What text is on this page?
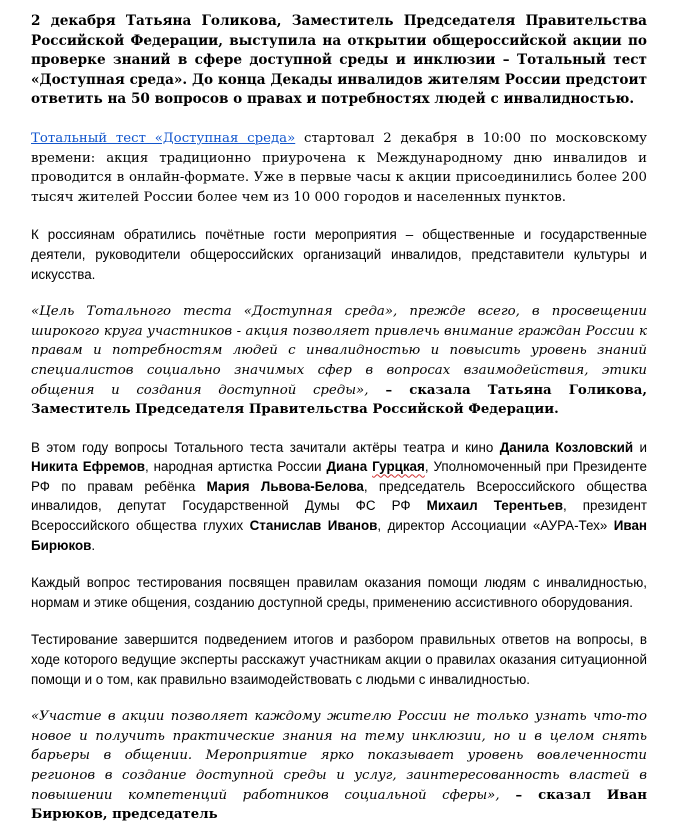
2 декабря Татьяна Голикова, Заместитель Председателя Правительства Российской Федерации, выступила на открытии общероссийской акции по проверке знаний в сфере доступной среды и инклюзии – Тотальный тест «Доступная среда». До конца Декады инвалидов жителям России предстоит ответить на 50 вопросов о правах и потребностях людей с инвалидностью.

Тотальный тест «Доступная среда» стартовал 2 декабря в 10:00 по московскому времени: акция традиционно приурочена к Международному дню инвалидов и проводится в онлайн-формате. Уже в первые часы к акции присоединились более 200 тысяч жителей России более чем из 10 000 городов и населенных пунктов.

К россиянам обратились почётные гости мероприятия – общественные и государственные деятели, руководители общероссийских организаций инвалидов, представители культуры и искусства.

«Цель Тотального теста «Доступная среда», прежде всего, в просвещении широкого круга участников - акция позволяет привлечь внимание граждан России к правам и потребностям людей с инвалидностью и повысить уровень знаний специалистов социально значимых сфер в вопросах взаимодействия, этики общения и создания доступной среды», – сказала Татьяна Голикова, Заместитель Председателя Правительства Российской Федерации.

В этом году вопросы Тотального теста зачитали актёры театра и кино Данила Козловский и Никита Ефремов, народная артистка России Диана Гурцкая, Уполномоченный при Президенте РФ по правам ребёнка Мария Львова-Белова, председатель Всероссийского общества инвалидов, депутат Государственной Думы ФС РФ Михаил Терентьев, президент Всероссийского общества глухих Станислав Иванов, директор Ассоциации «АУРА-Тех» Иван Бирюков.

Каждый вопрос тестирования посвящен правилам оказания помощи людям с инвалидностью, нормам и этике общения, созданию доступной среды, применению ассистивного оборудования.

Тестирование завершится подведением итогов и разбором правильных ответов на вопросы, в ходе которого ведущие эксперты расскажут участникам акции о правилах оказания ситуационной помощи и о том, как правильно взаимодействовать с людьми с инвалидностью.

«Участие в акции позволяет каждому жителю России не только узнать что-то новое и получить практические знания на тему инклюзии, но и в целом снять барьеры в общении. Мероприятие ярко показывает уровень вовлеченности регионов в создание доступной среды и услуг, заинтересованность властей в повышении компетенций работников социальной сферы», – сказал Иван Бирюков, председатель
